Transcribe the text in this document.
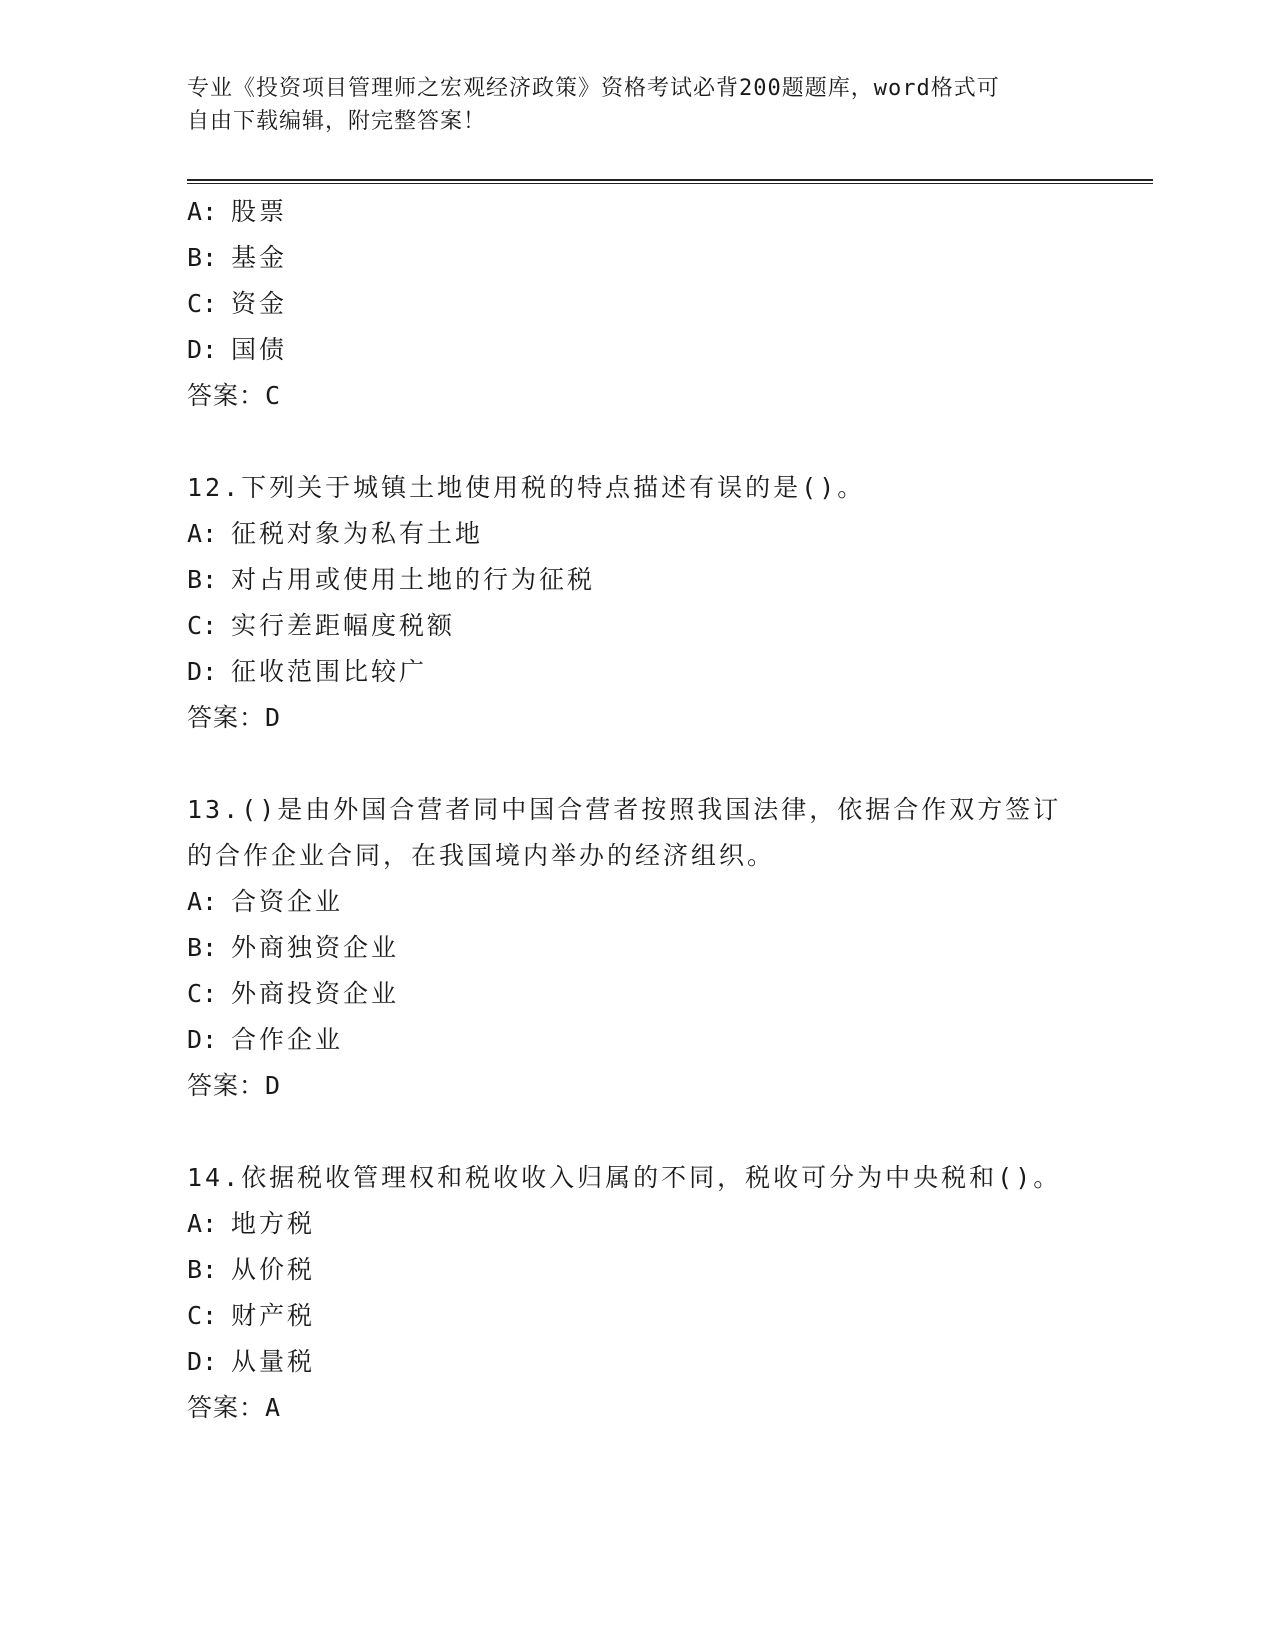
专业《投资项目管理师之宏观经济政策》资格考试必背200题题库，word格式可
自由下载编辑，附完整答案！
A: 股票
B: 基金
C: 资金
D: 国债
答案：C
12.下列关于城镇土地使用税的特点描述有误的是()。
A: 征税对象为私有土地
B: 对占用或使用土地的行为征税
C: 实行差距幅度税额
D: 征收范围比较广
答案：D
13.()是由外国合营者同中国合营者按照我国法律，依据合作双方签订
的合作企业合同，在我国境内举办的经济组织。
A: 合资企业
B: 外商独资企业
C: 外商投资企业
D: 合作企业
答案：D
14.依据税收管理权和税收收入归属的不同，税收可分为中央税和()。
A: 地方税
B: 从价税
C: 财产税
D: 从量税
答案：A
